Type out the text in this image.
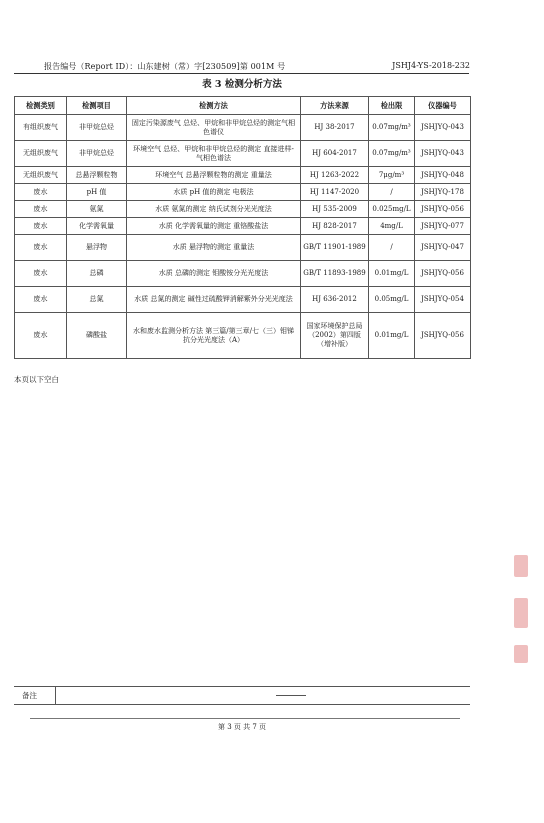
报告编号（Report ID）：山东建树（常）字[230509]第 001M 号	JSHJ4-YS-2018-232
表 3 检测分析方法
检测类别	检测项目	检测方法	方法来源	检出限	仪器编号
有组织废气	非甲烷总烃	固定污染源废气 总烃、甲烷和非甲烷总烃的测定气相色谱仪	HJ 38-2017	0.07mg/m³	JSHJYQ-043
无组织废气	非甲烷总烃	环境空气 总烃、甲烷和非甲烷总烃的测定 直接进样-气相色谱法	HJ 604-2017	0.07mg/m³	JSHJYQ-043
无组织废气	总悬浮颗粒物	环境空气 总悬浮颗粒物的测定 重量法	HJ 1263-2022	7μg/m³	JSHJYQ-048
废水	pH 值	水质 pH 值的测定 电极法	HJ 1147-2020	/	JSHJYQ-178
废水	氨氮	水质 氨氮的测定 纳氏试剂分光光度法	HJ 535-2009	0.025mg/L	JSHJYQ-056
废水	化学需氧量	水质 化学需氧量的测定 重铬酸盐法	HJ 828-2017	4mg/L	JSHJYQ-077
废水	悬浮物	水质 悬浮物的测定 重量法	GB/T 11901-1989	/	JSHJYQ-047
废水	总磷	水质 总磷的测定 钼酸铵分光光度法	GB/T 11893-1989	0.01mg/L	JSHJYQ-056
废水	总氮	水质 总氮的测定 碱性过硫酸钾消解紫外分光光度法	HJ 636-2012	0.05mg/L	JSHJYQ-054
废水	磷酸盐	水和废水监测分析方法 第三篇/第三章/七（三）钼锑抗分光光度法（A）	国家环境保护总局（2002）第四版（增补版）	0.01mg/L	JSHJYQ-056
本页以下空白
备注
第 3 页 共 7 页
